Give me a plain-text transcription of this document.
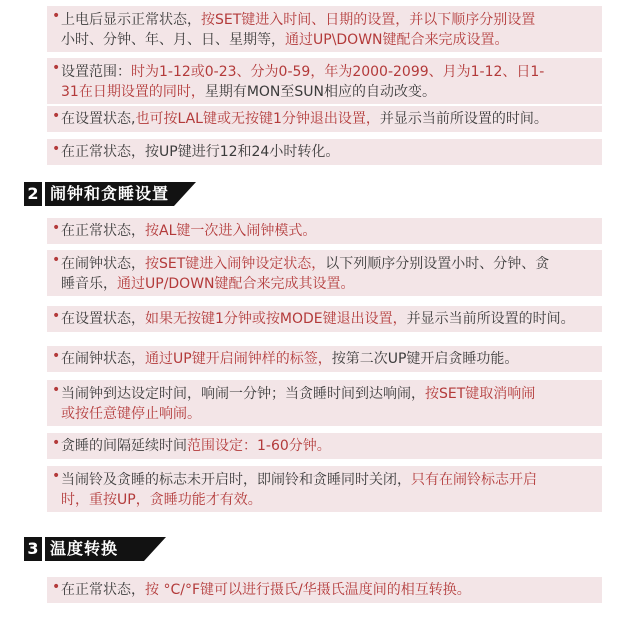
• 上电后显示正常状态，按SET键进入时间、日期的设置，并以下顺序分别设置
小时、分钟、年、月、日、星期等，通过UP\DOWN键配合来完成设置。
• 设置范围：时为1-12或0-23、分为0-59，年为2000-2099、月为1-12、日1-
31在日期设置的同时，星期有MON至SUN相应的自动改变。
• 在设置状态,也可按LAL键或无按键1分钟退出设置，并显示当前所设置的时间。
• 在正常状态，按UP键进行12和24小时转化。
2 闹钟和贪睡设置
• 在正常状态，按AL键一次进入闹钟模式。
• 在闹钟状态，按SET键进入闹钟设定状态，以下列顺序分别设置小时、分钟、贪
睡音乐，通过UP/DOWN键配合来完成其设置。
• 在设置状态，如果无按键1分钟或按MODE键退出设置，并显示当前所设置的时间。
• 在闹钟状态，通过UP键开启闹钟样的标签，按第二次UP键开启贪睡功能。
• 当闹钟到达设定时间，响闹一分钟；当贪睡时间到达响闹，按SET键取消响闹
或按任意键停止响闹。
• 贪睡的间隔延续时间范围设定：1-60分钟。
• 当闹铃及贪睡的标志未开启时，即闹铃和贪睡同时关闭，只有在闹铃标志开启
时，重按UP，贪睡功能才有效。
3 温度转换
• 在正常状态，按 °C/°F键可以进行摄氏/华摄氏温度间的相互转换。
